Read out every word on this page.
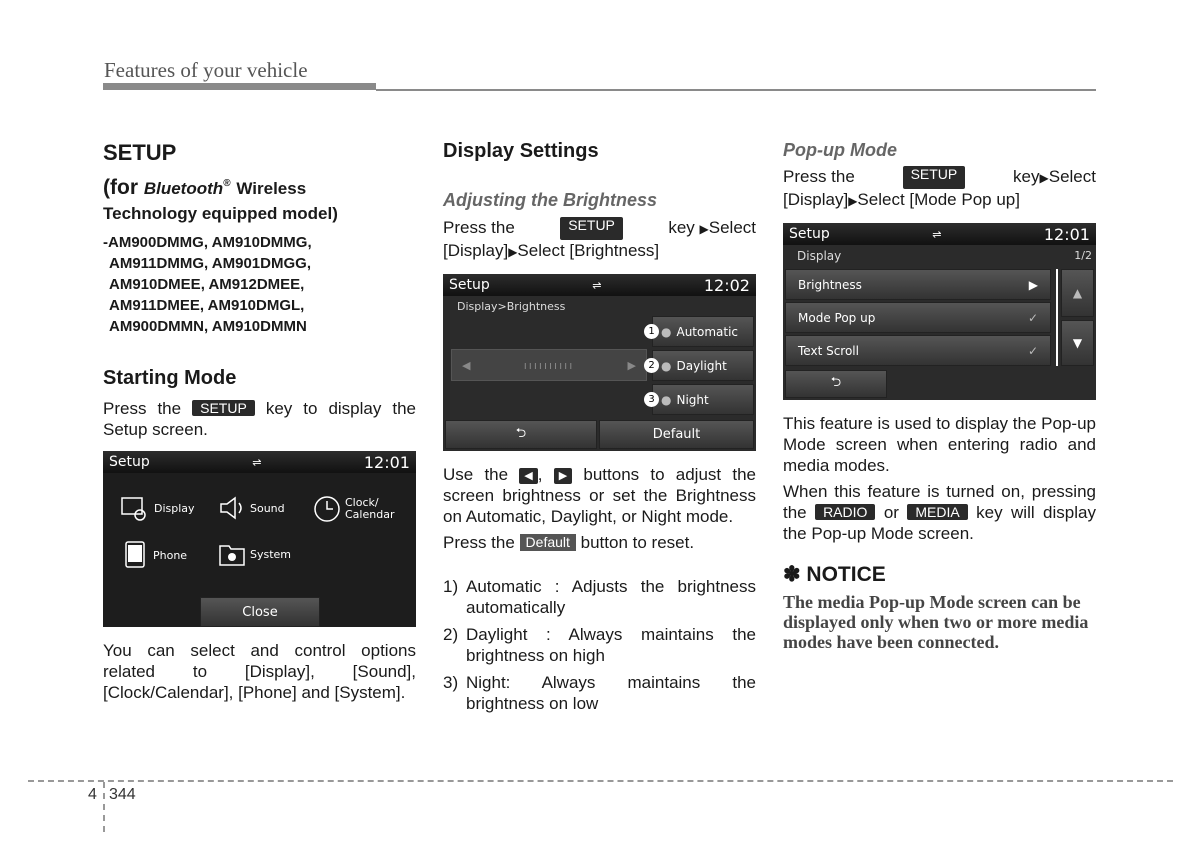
Features of your vehicle
SETUP
(for Bluetooth® Wireless
Technology equipped model)
-AM900DMMG, AM910DMMG,
AM911DMMG, AM901DMGG,
AM910DMEE, AM912DMEE,
AM911DMEE, AM910DMGL,
AM900DMMN, AM910DMMN
Starting Mode
Press the SETUP key to display the Setup screen.
Setup	⇌	12:01
Display	Sound	Clock/
Calendar
Phone	System
Close
You can select and control options related to [Display], [Sound], [Clock/Calendar], [Phone] and [System].
Display Settings
Adjusting the Brightness
Press the	SETUP	key ▶Select
[Display]▶Select [Brightness]
Setup	⇌	12:02
Display>Brightness
◀	ıııııııııı	▶
● Automatic
● Daylight
● Night
1
2
3
⮌	Default
Use the ◀ , ▶ buttons to adjust the screen brightness or set the Brightness on Automatic, Daylight, or Night mode.
Press the Default button to reset.
1) Automatic : Adjusts the brightness automatically
2) Daylight : Always maintains the brightness on high
3) Night: Always maintains the brightness on low
Pop-up Mode
Press the	SETUP	key▶Select
[Display]▶Select [Mode Pop up]
Setup	⇌	12:01
Display	1/2
Brightness	▶
Mode Pop up	✓
Text Scroll	✓
▲
▼
⮌
This feature is used to display the Pop-up Mode screen when entering radio and media modes.
When this feature is turned on, pressing the RADIO or MEDIA key will display the Pop-up Mode screen.
✽ NOTICE
The media Pop-up Mode screen can be displayed only when two or more media modes have been connected.
4 344
